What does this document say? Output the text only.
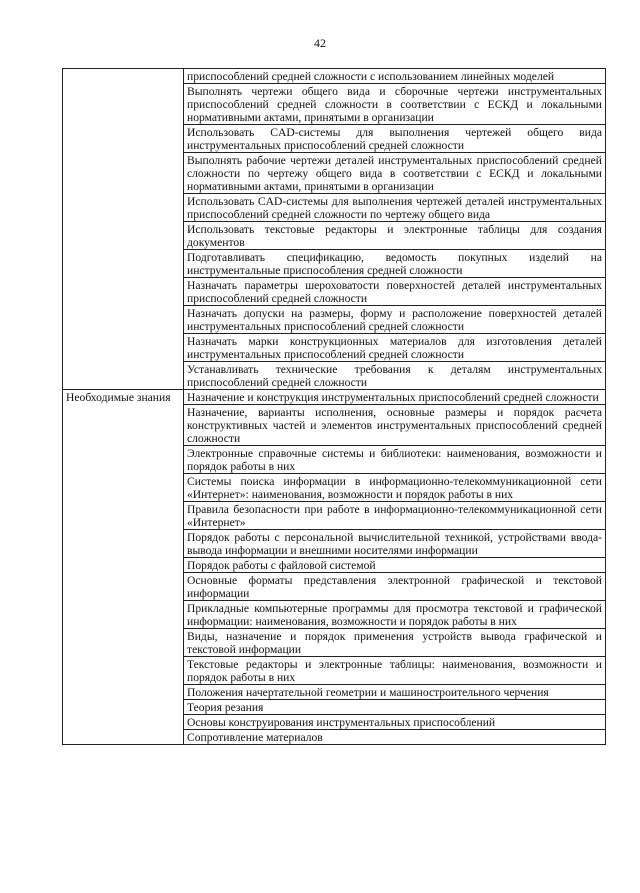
42
	приспособлений средней сложности с использованием линейных моделей
	Выполнять чертежи общего вида и сборочные чертежи инструментальных приспособлений средней сложности в соответствии с ЕСКД и локальными нормативными актами, принятыми в организации
	Использовать CAD-системы для выполнения чертежей общего вида инструментальных приспособлений средней сложности
	Выполнять рабочие чертежи деталей инструментальных приспособлений средней сложности по чертежу общего вида в соответствии с ЕСКД и локальными нормативными актами, принятыми в организации
	Использовать CAD-системы для выполнения чертежей деталей инструментальных приспособлений средней сложности по чертежу общего вида
	Использовать текстовые редакторы и электронные таблицы для создания документов
	Подготавливать спецификацию, ведомость покупных изделий на инструментальные приспособления средней сложности
	Назначать параметры шероховатости поверхностей деталей инструментальных приспособлений средней сложности
	Назначать допуски на размеры, форму и расположение поверхностей деталей инструментальных приспособлений средней сложности
	Назначать марки конструкционных материалов для изготовления деталей инструментальных приспособлений средней сложности
	Устанавливать технические требования к деталям инструментальных приспособлений средней сложности
Необходимые знания	Назначение и конструкция инструментальных приспособлений средней сложности
	Назначение, варианты исполнения, основные размеры и порядок расчета конструктивных частей и элементов инструментальных приспособлений средней сложности
	Электронные справочные системы и библиотеки: наименования, возможности и порядок работы в них
	Системы поиска информации в информационно-телекоммуникационной сети «Интернет»: наименования, возможности и порядок работы в них
	Правила безопасности при работе в информационно-телекоммуникационной сети «Интернет»
	Порядок работы с персональной вычислительной техникой, устройствами ввода-вывода информации и внешними носителями информации
	Порядок работы с файловой системой
	Основные форматы представления электронной графической и текстовой информации
	Прикладные компьютерные программы для просмотра текстовой и графической информации: наименования, возможности и порядок работы в них
	Виды, назначение и порядок применения устройств вывода графической и текстовой информации
	Текстовые редакторы и электронные таблицы: наименования, возможности и порядок работы в них
	Положения начертательной геометрии и машиностроительного черчения
	Теория резания
	Основы конструирования инструментальных приспособлений
	Сопротивление материалов
